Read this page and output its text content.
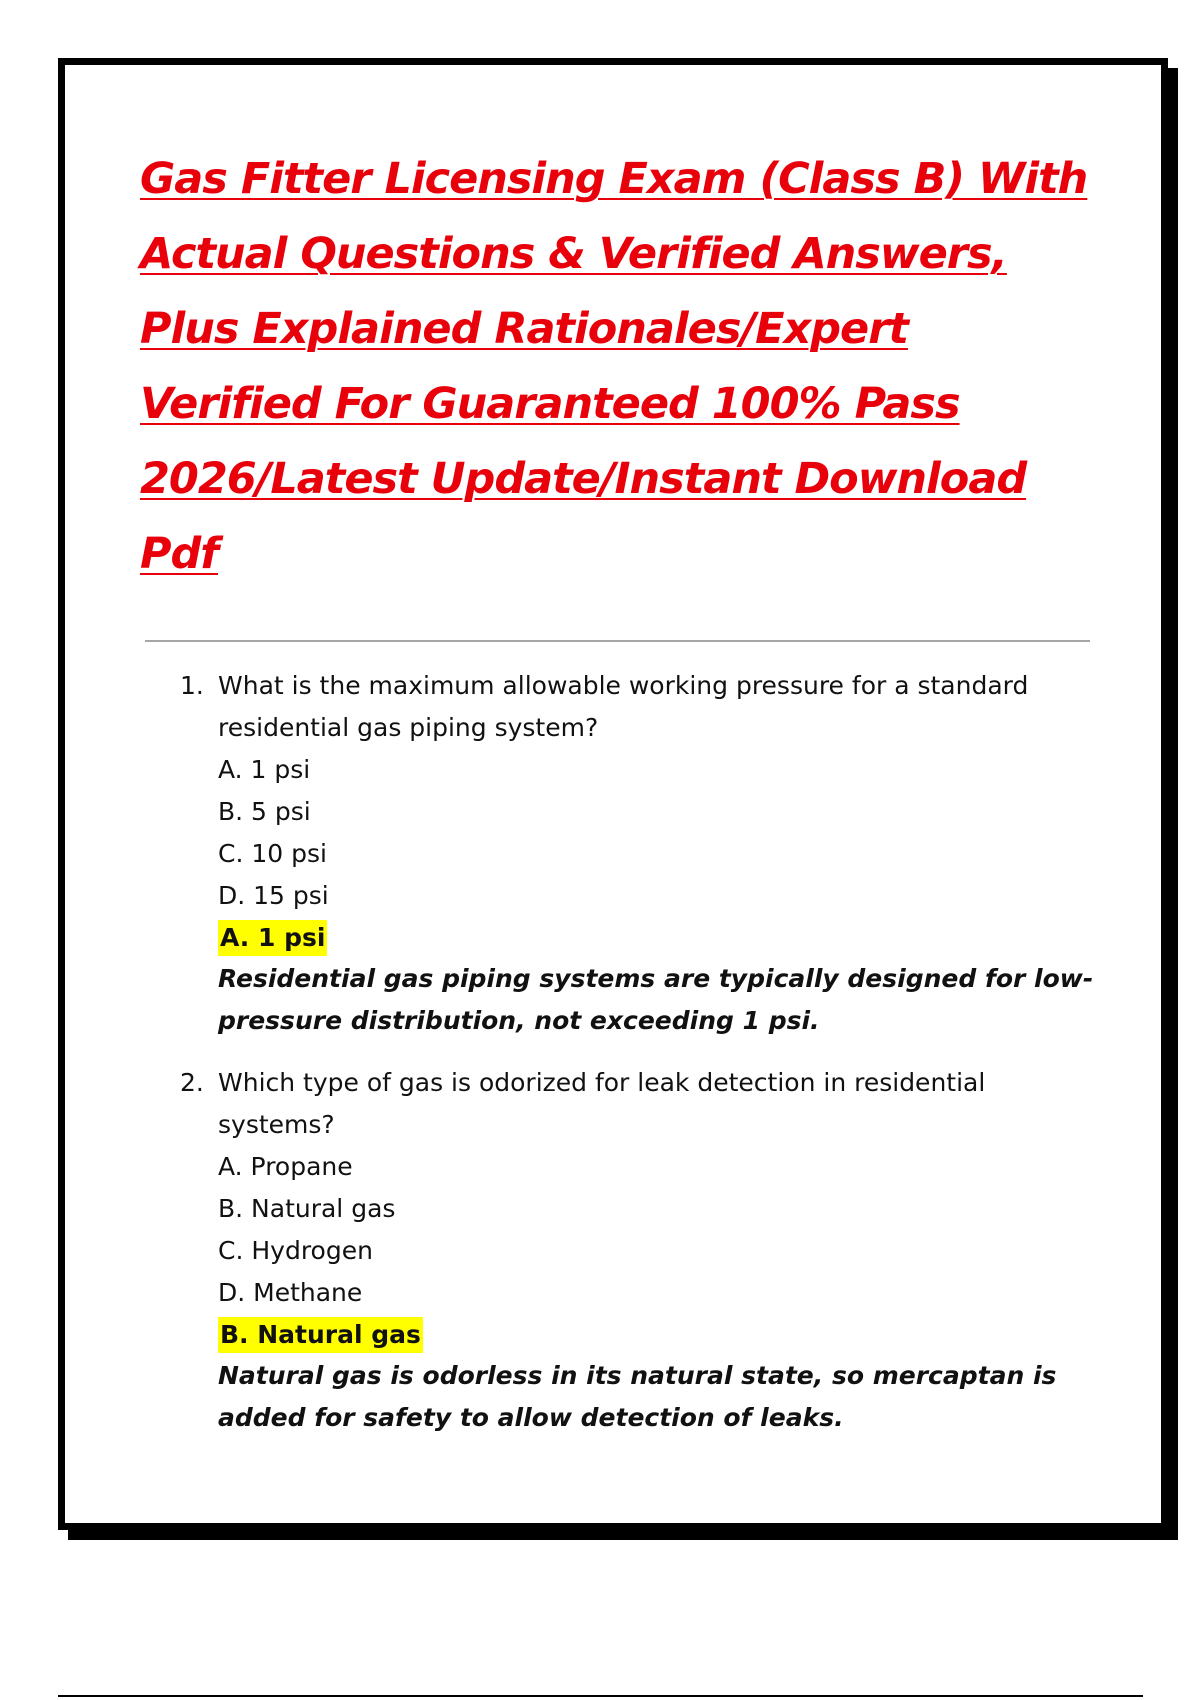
Gas Fitter Licensing Exam (Class B) With
Actual Questions & Verified Answers,
Plus Explained Rationales/Expert
Verified For Guaranteed 100% Pass
2026/Latest Update/Instant Download
Pdf
1. What is the maximum allowable working pressure for a standard residential gas piping system?
A. 1 psi
B. 5 psi
C. 10 psi
D. 15 psi
A. 1 psi
Residential gas piping systems are typically designed for low-pressure distribution, not exceeding 1 psi.
2. Which type of gas is odorized for leak detection in residential systems?
A. Propane
B. Natural gas
C. Hydrogen
D. Methane
B. Natural gas
Natural gas is odorless in its natural state, so mercaptan is added for safety to allow detection of leaks.
